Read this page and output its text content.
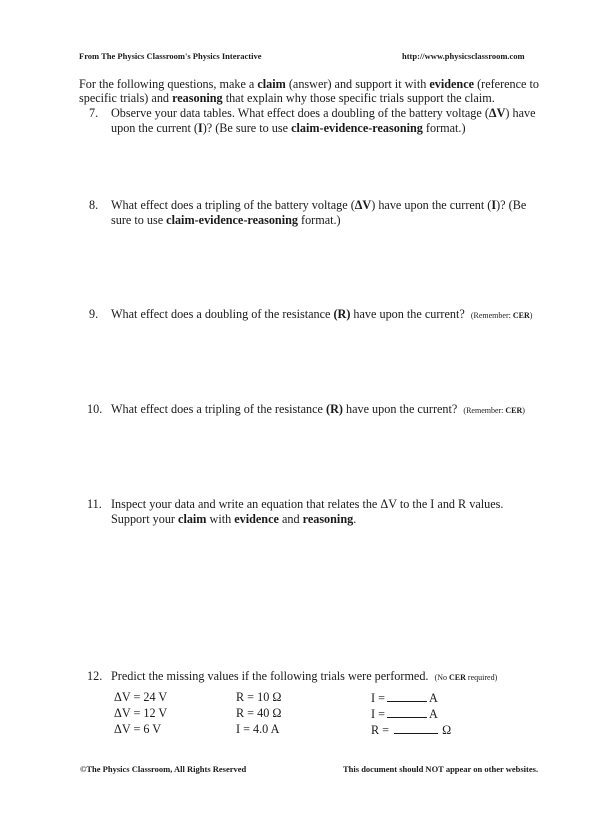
From The Physics Classroom's Physics Interactive	http://www.physicsclassroom.com
For the following questions, make a claim (answer) and support it with evidence (reference to specific trials) and reasoning that explain why those specific trials support the claim.
7. Observe your data tables. What effect does a doubling of the battery voltage (ΔV) have upon the current (I)? (Be sure to use claim-evidence-reasoning format.)
8. What effect does a tripling of the battery voltage (ΔV) have upon the current (I)? (Be sure to use claim-evidence-reasoning format.)
9. What effect does a doubling of the resistance (R) have upon the current? (Remember: CER)
10. What effect does a tripling of the resistance (R) have upon the current? (Remember: CER)
11. Inspect your data and write an equation that relates the ΔV to the I and R values. Support your claim with evidence and reasoning.
12. Predict the missing values if the following trials were performed. (No CER required)
ΔV = 24 V	R = 10 Ω	I =	A
ΔV = 12 V	R = 40 Ω	I =	A
ΔV = 6 V	I = 4.0 A	R =	Ω
©The Physics Classroom, All Rights Reserved	This document should NOT appear on other websites.
